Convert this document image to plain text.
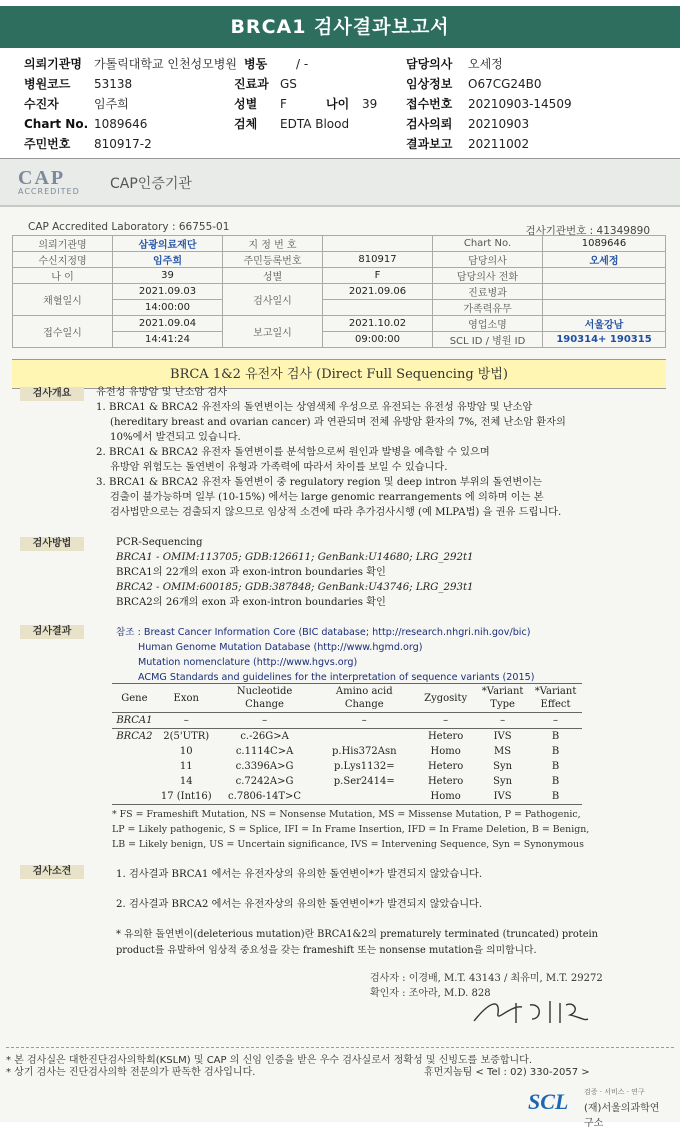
BRCA1 검사결과보고서
의뢰기관명	가톨릭대학교 인천성모병원 병동	/ -	담당의사	오세정
병원코드	53138	진료과 GS	임상정보	O67CG24B0
수진자	임주희	성별	F	나이	39	접수번호	20210903-14509
Chart No. 1089646	검체	EDTA Blood	검사의뢰	20210903
주민번호	810917-2	결과보고	20211002
CAP
ACCREDITED	CAP인증기관
CAP Accredited Laboratory : 66755-01	검사기관번호 : 41349890
의뢰기관명	삼광의료재단	지 정 번 호		Chart No.	1089646
수신지정명	임주희	주민등록번호	810917	담당의사	오세정
나 이	39	성별	F	담당의사 전화	
채혈일시	2021.09.03	검사일시	2021.09.06	진료병과	
	14:00:00			가족력유무	
접수일시	2021.09.04	보고일시	2021.10.02	영업소명	서울강남
	14:41:24		09:00:00	SCL ID / 병원 ID	190314+ 190315
BRCA 1&2 유전자 검사 (Direct Full Sequencing 방법)
검사개요	유전성 유방암 및 난소암 검사

1. BRCA1 & BRCA2 유전자의 돌연변이는 상염색체 우성으로 유전되는 유전성 유방암 및 난소암

(hereditary breast and ovarian cancer) 과 연관되며 전체 유방암 환자의 7%, 전체 난소암 환자의

10%에서 발견되고 있습니다.

2. BRCA1 & BRCA2 유전자 돌연변이를 분석함으로써 원인과 발병을 예측할 수 있으며

유방암 위험도는 돌연변이 유형과 가족력에 따라서 차이를 보일 수 있습니다.

3. BRCA1 & BRCA2 유전자 돌연변이 중 regulatory region 및 deep intron 부위의 돌연변이는

검출이 불가능하며 일부 (10-15%) 에서는 large genomic rearrangements 에 의하며 이는 본

검사법만으로는 검출되지 않으므로 임상적 소견에 따라 추가검사시행 (예 MLPA법) 을 권유 드립니다.

검사방법	PCR-Sequencing

BRCA1 - OMIM:113705; GDB:126611; GenBank:U14680; LRG_292t1

BRCA1의 22개의 exon 과 exon-intron boundaries 확인

BRCA2 - OMIM:600185; GDB:387848; GenBank:U43746; LRG_293t1

BRCA2의 26개의 exon 과 exon-intron boundaries 확인

검사결과	참조 : Breast Cancer Information Core (BIC database; http://research.nhgri.nih.gov/bic)

Human Genome Mutation Database (http://www.hgmd.org)

Mutation nomenclature (http://www.hgvs.org)

ACMG Standards and guidelines for the interpretation of sequence variants (2015)

Gene	Exon	Nucleotide Change	Amino acid Change	Zygosity	*Variant Type	*Variant Effect
BRCA1	–	–	–	–	–	–
BRCA2	2(5'UTR)	c.-26G>A		Hetero	IVS	B
	10	c.1114C>A	p.His372Asn	Homo	MS	B
	11	c.3396A>G	p.Lys1132=	Hetero	Syn	B
	14	c.7242A>G	p.Ser2414=	Hetero	Syn	B
	17 (Int16)	c.7806-14T>C		Homo	IVS	B

* FS = Frameshift Mutation, NS = Nonsense Mutation, MS = Missense Mutation, P = Pathogenic,

LP = Likely pathogenic, S = Splice, IFI = In Frame Insertion, IFD = In Frame Deletion, B = Benign,

LB = Likely benign, US = Uncertain significance, IVS = Intervening Sequence, Syn = Synonymous

검사소견	1. 검사결과 BRCA1 에서는 유전자상의 유의한 돌연변이*가 발견되지 않았습니다.

2. 검사결과 BRCA2 에서는 유전자상의 유의한 돌연변이*가 발견되지 않았습니다.

* 유의한 돌연변이(deleterious mutation)란 BRCA1&2의 prematurely terminated (truncated) protein

product를 유발하여 임상적 중요성을 갖는 frameshift 또는 nonsense mutation을 의미합니다.

검사자 : 이경배, M.T. 43143 / 최유미, M.T. 29272

확인자 : 조아라, M.D. 828

* 본 검사실은 대한진단검사의학회(KSLM) 및 CAP 의 신임 인증을 받은 우수 검사실로서 정확성 및 신빙도를 보증합니다.
* 상기 검사는 진단검사의학 전문의가 판독한 검사입니다.	휴먼지놈팀 < Tel : 02) 330-2057 >
SCL 검증 · 서비스 · 연구
(재)서울의과학연구소
